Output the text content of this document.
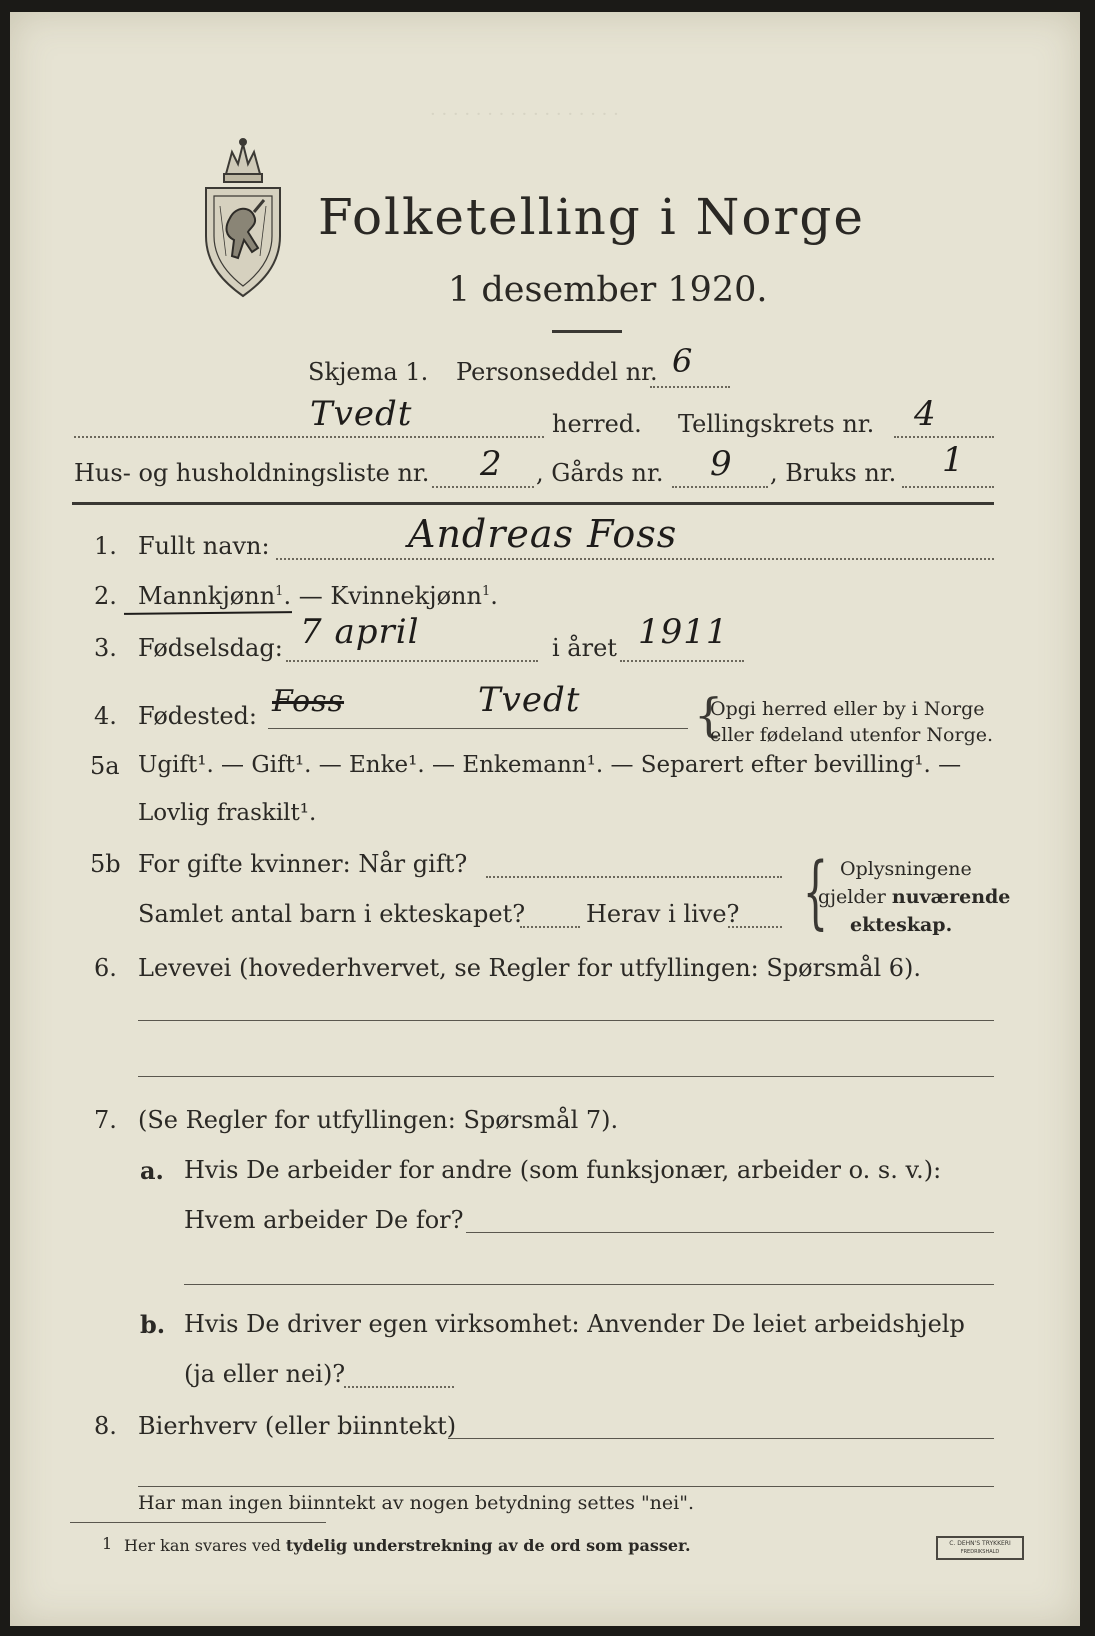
· · · · · · · · · · · · · · · · ·
Folketelling i Norge
1 desember 1920.
Skjema 1. Personseddel nr. 6
Tvedt	herred. Tellingskrets nr. 4
Hus- og husholdningsliste nr. 2 , Gårds nr. 9 , Bruks nr. 1
1. Fullt navn:	Andreas Foss
2. Mannkjønn$^1$. — Kvinnekjønn$^1$.
3. Fødselsdag: 7 april	i året 1911
4. Fødested: Foss	Tvedt {
Opgi herred eller by i Norge
eller fødeland utenfor Norge.
5a Ugift¹. — Gift¹. — Enke¹. — Enkemann¹. — Separert efter bevilling¹. —
Lovlig fraskilt¹.
5b For gifte kvinner: Når gift?
Samlet antal barn i ekteskapet?	Herav i live? { Oplysningene
gjelder nuværende
ekteskap.
6. Levevei (hovederhvervet, se Regler for utfyllingen: Spørsmål 6).
7. (Se Regler for utfyllingen: Spørsmål 7).
a. Hvis De arbeider for andre (som funksjonær, arbeider o. s. v.):
Hvem arbeider De for?
b. Hvis De driver egen virksomhet: Anvender De leiet arbeidshjelp
(ja eller nei)?
8. Bierhverv (eller biinntekt)
Har man ingen biinntekt av nogen betydning settes "nei".
1 Her kan svares ved tydelig understrekning av de ord som passer.	C. DEHN'S TRYKKERI
FREDRIKSHALD
